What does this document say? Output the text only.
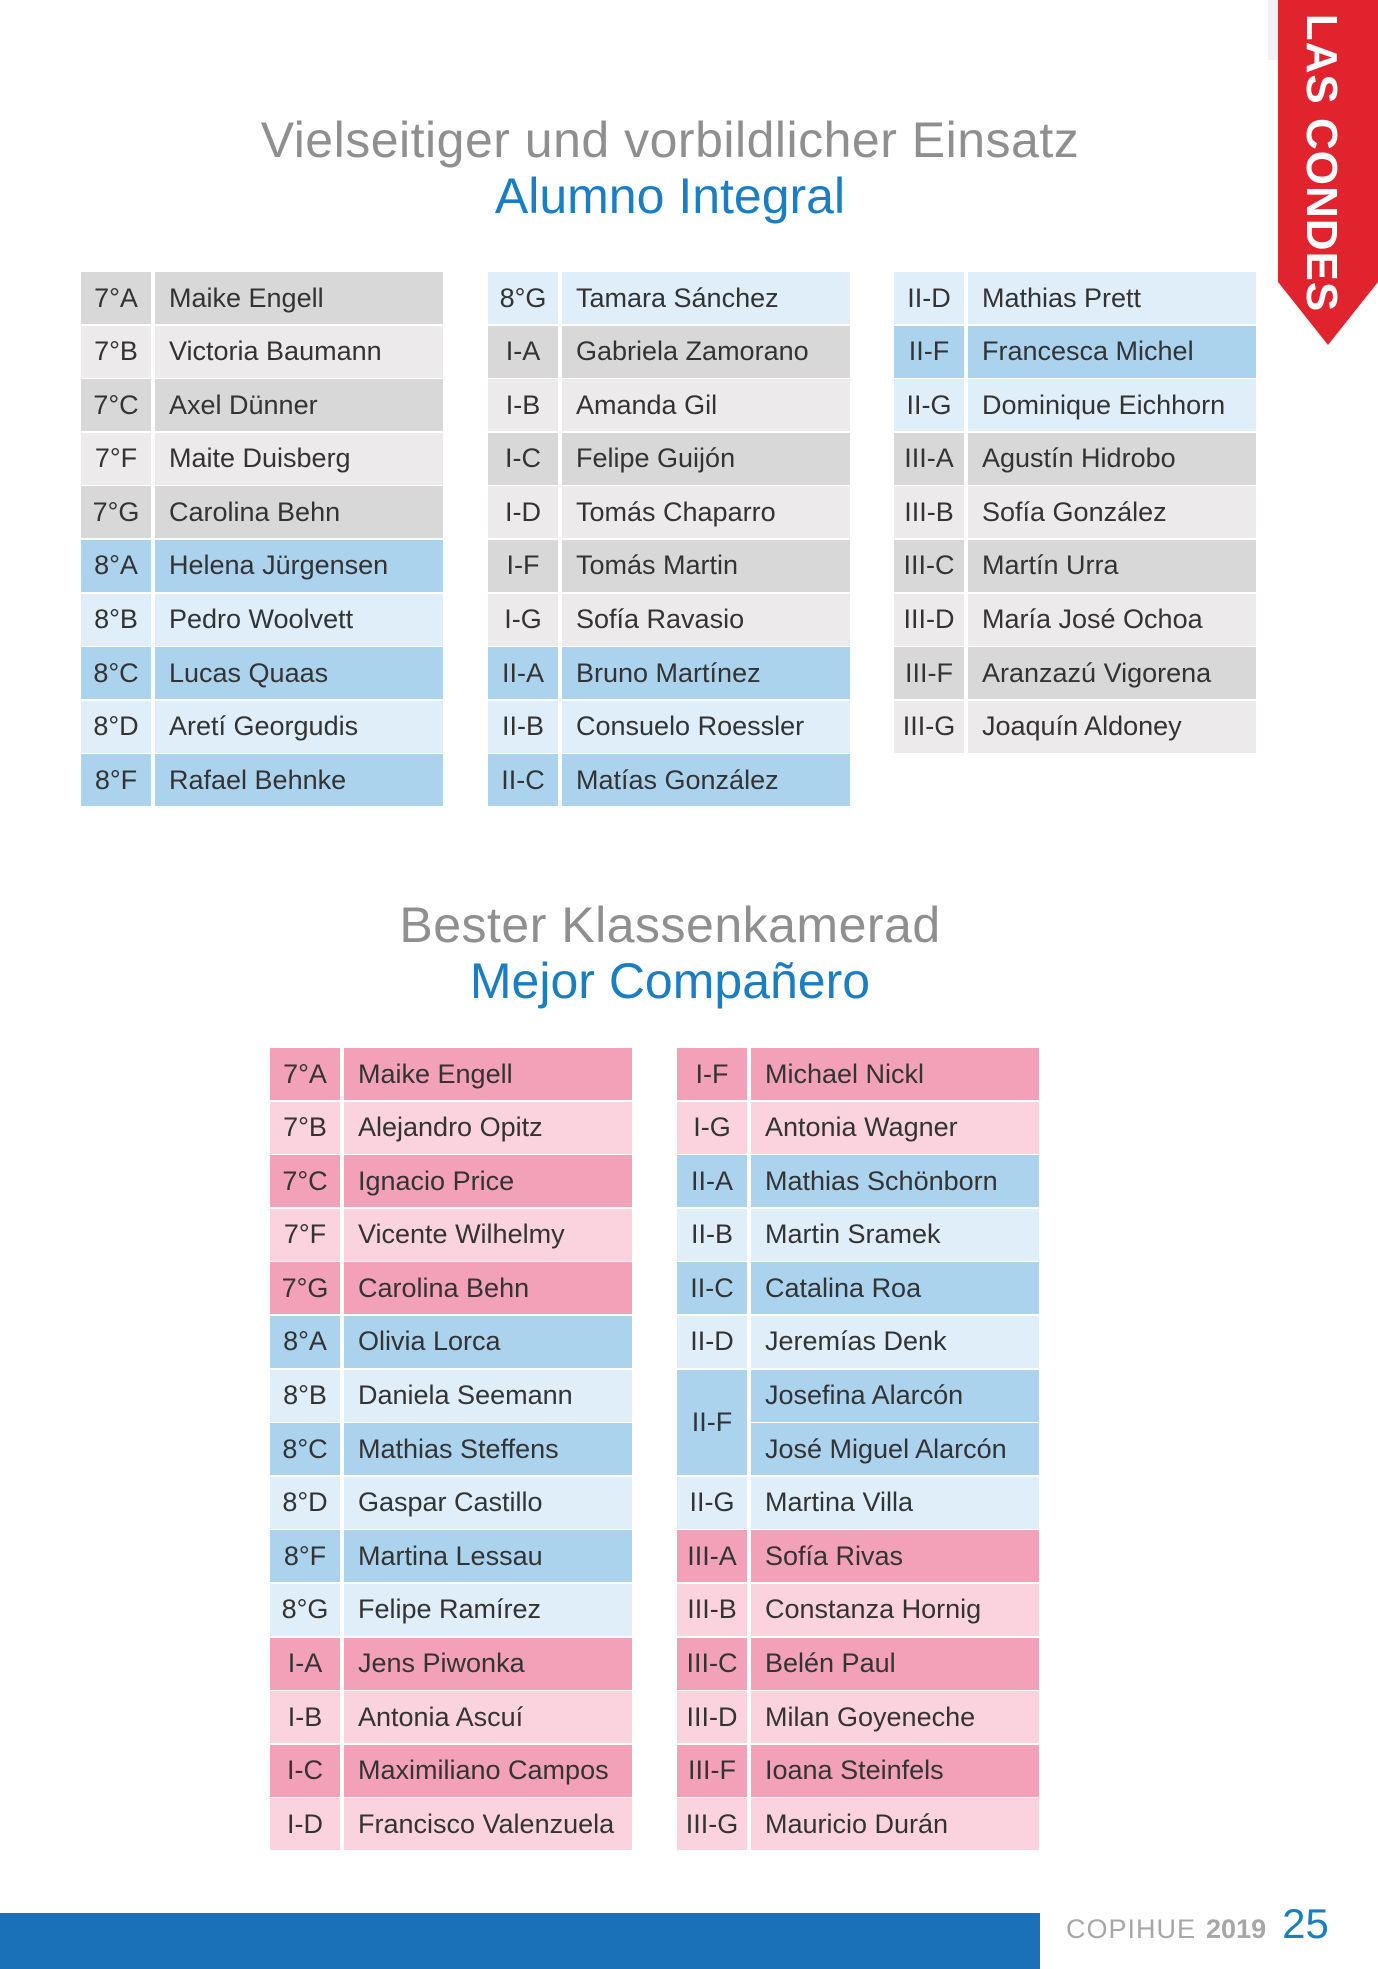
LAS CONDES
Vielseitiger und vorbildlicher Einsatz
Alumno Integral
7°A	Maike Engell
7°B	Victoria Baumann
7°C	Axel Dünner
7°F	Maite Duisberg
7°G	Carolina Behn
8°A	Helena Jürgensen
8°B	Pedro Woolvett
8°C	Lucas Quaas
8°D	Aretí Georgudis
8°F	Rafael Behnke
8°G	Tamara Sánchez
I-A	Gabriela Zamorano
I-B	Amanda Gil
I-C	Felipe Guijón
I-D	Tomás Chaparro
I-F	Tomás Martin
I-G	Sofía Ravasio
II-A	Bruno Martínez
II-B	Consuelo Roessler
II-C	Matías González
II-D	Mathias Prett
II-F	Francesca Michel
II-G	Dominique Eichhorn
III-A	Agustín Hidrobo
III-B	Sofía González
III-C	Martín Urra
III-D	María José Ochoa
III-F	Aranzazú Vigorena
III-G Joaquín Aldoney
Bester Klassenkamerad
Mejor Compañero
7°A	Maike Engell
7°B	Alejandro Opitz
7°C	Ignacio Price
7°F	Vicente Wilhelmy
7°G	Carolina Behn
8°A	Olivia Lorca
8°B	Daniela Seemann
8°C	Mathias Steffens
8°D	Gaspar Castillo
8°F	Martina Lessau
8°G	Felipe Ramírez
I-A	Jens Piwonka
I-B	Antonia Ascuí
I-C	Maximiliano Campos
I-D	Francisco Valenzuela
I-F	Michael Nickl
I-G	Antonia Wagner
II-A	Mathias Schönborn
II-B	Martin Sramek
II-C	Catalina Roa
II-D	Jeremías Denk
II-F
Josefina Alarcón
José Miguel Alarcón
II-G	Martina Villa
III-A	Sofía Rivas
III-B	Constanza Hornig
III-C	Belén Paul
III-D	Milan Goyeneche
III-F	Ioana Steinfels
III-G Mauricio Durán
COPIHUE 2019 25
